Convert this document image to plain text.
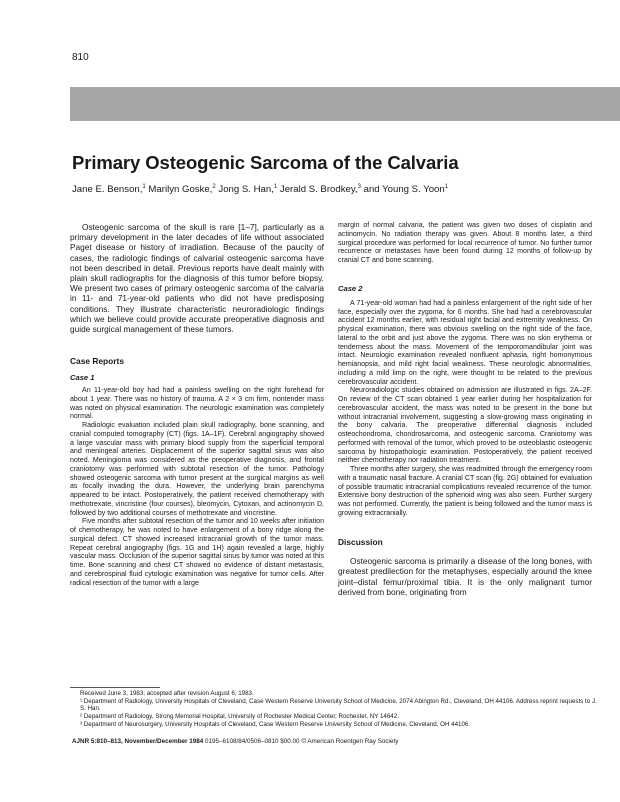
810
Primary Osteogenic Sarcoma of the Calvaria
Jane E. Benson,$^1$ Marilyn Goske,$^2$ Jong S. Han,$^1$ Jerald S. Brodkey,$^3$ and Young S. Yoon$^1$

Osteogenic sarcoma of the skull is rare [1–7], particularly as a primary development in the later decades of life without associated Paget disease or history of irradiation. Because of the paucity of cases, the radiologic findings of calvarial osteogenic sarcoma have not been described in detail. Previous reports have dealt mainly with plain skull radiographs for the diagnosis of this tumor before biopsy. We present two cases of primary osteogenic sarcoma of the calvaria in 11- and 71-year-old patients who did not have predisposing conditions. They illustrate characteristic neuroradiologic findings which we believe could provide accurate preoperative diagnosis and guide surgical management of these tumors.

Case Reports
Case 1

An 11-year-old boy had had a painless swelling on the right forehead for about 1 year. There was no history of trauma. A 2 × 3 cm firm, nontender mass was noted on physical examination. The neurologic examination was completely normal.

Radiologic evaluation included plain skull radiography, bone scanning, and cranial computed tomography (CT) (figs. 1A–1F). Cerebral angiography showed a large vascular mass with primary blood supply from the superficial temporal and meningeal arteries. Displacement of the superior sagittal sinus was also noted. Meningioma was considered as the preoperative diagnosis, and frontal craniotomy was performed with subtotal resection of the tumor. Pathology showed osteogenic sarcoma with tumor present at the surgical margins as well as focally invading the dura. However, the underlying brain parenchyma appeared to be intact. Postoperatively, the patient received chemotherapy with methotrexate, vincristine (four courses), bleomycin, Cytoxan, and actinomycin D, followed by two additional courses of methotrexate and vincristine.

Five months after subtotal resection of the tumor and 10 weeks after initiation of chemotherapy, he was noted to have enlargement of a bony ridge along the surgical defect. CT showed increased intracranial growth of the tumor mass. Repeat cerebral angiography (figs. 1G and 1H) again revealed a large, highly vascular mass. Occlusion of the superior sagittal sinus by tumor was noted at this time. Bone scanning and chest CT showed no evidence of distant metastasis, and cerebrospinal fluid cytologic examination was negative for tumor cells. After radical resection of the tumor with a large

margin of normal calvaria, the patient was given two doses of cisplatin and actinomycin. No radiation therapy was given. About 8 months later, a third surgical procedure was performed for local recurrence of tumor. No further tumor recurrence or metastases have been found during 12 months of follow-up by cranial CT and bone scanning.

Case 2

A 71-year-old woman had had a painless enlargement of the right side of her face, especially over the zygoma, for 6 months. She had had a cerebrovascular accident 12 months earlier, with residual right facial and extremity weakness. On physical examination, there was obvious swelling on the right side of the face, lateral to the orbit and just above the zygoma. There was no skin erythema or tenderness about the mass. Movement of the temporomandibular joint was intact. Neurologic examination revealed nonfluent aphasia, right homonymous hemianopsia, and mild right facial weakness. These neurologic abnormalities, including a mild limp on the right, were thought to be related to the previous cerebrovascular accident.

Neuroradiologic studies obtained on admission are illustrated in figs. 2A–2F. On review of the CT scan obtained 1 year earlier during her hospitalization for cerebrovascular accident, the mass was noted to be present in the bone but without intracranial involvement, suggesting a slow-growing mass originating in the bony calvaria. The preoperative differential diagnosis included osteochondroma, chondrosarcoma, and osteogenic sarcoma. Craniotomy was performed with removal of the tumor, which proved to be osteoblastic osteogenic sarcoma by histopathologic examination. Postoperatively, the patient received neither chemotherapy nor radiation treatment.

Three months after surgery, she was readmitted through the emergency room with a traumatic nasal fracture. A cranial CT scan (fig. 2G) obtained for evaluation of possible traumatic intracranial complications revealed recurrence of the tumor. Extensive bony destruction of the sphenoid wing was also seen. Further surgery was not performed. Currently, the patient is being followed and the tumor mass is growing extracranially.

Discussion

Osteogenic sarcoma is primarily a disease of the long bones, with greatest predilection for the metaphyses, especially around the knee joint–distal femur/proximal tibia. It is the only malignant tumor derived from bone, originating from

Received June 3, 1983; accepted after revision August 6, 1983.

¹ Department of Radiology, University Hospitals of Cleveland, Case Western Reserve University School of Medicine, 2074 Abington Rd., Cleveland, OH 44106. Address reprint requests to J. S. Han.

² Department of Radiology, Strong Memorial Hospital, University of Rochester Medical Center, Rochester, NY 14642.

³ Department of Neurosurgery, University Hospitals of Cleveland, Case Western Reserve University School of Medicine, Cleveland, OH 44106.

AJNR 5:810–813, November/December 1984 0195–6108/84/0506–0810 $00.00 © American Roentgen Ray Society
